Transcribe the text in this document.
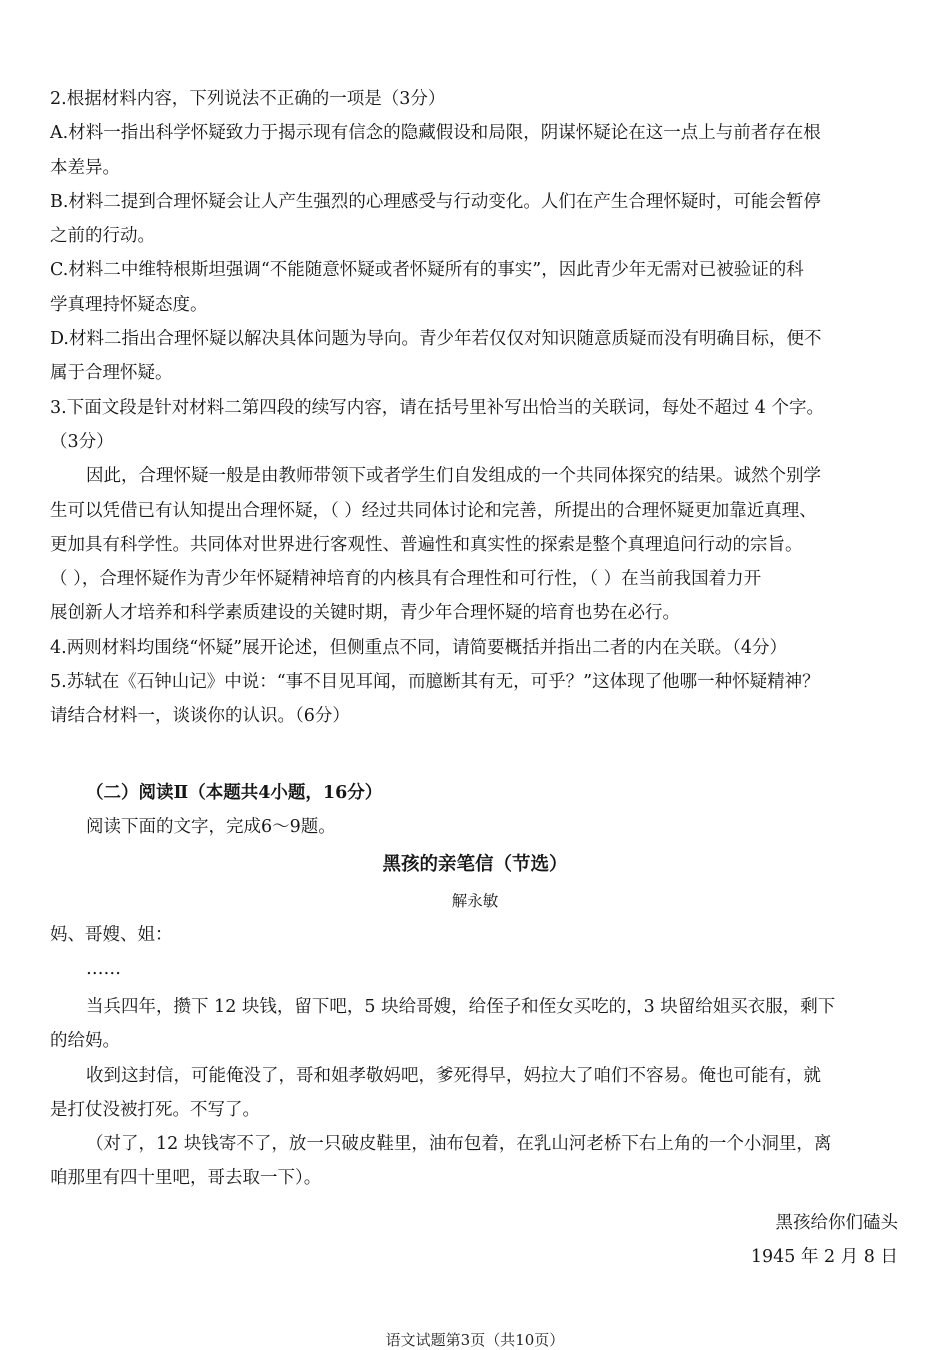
2.根据材料内容，下列说法不正确的一项是（3分）
A.材料一指出科学怀疑致力于揭示现有信念的隐藏假设和局限，阴谋怀疑论在这一点上与前者存在根
本差异。
B.材料二提到合理怀疑会让人产生强烈的心理感受与行动变化。人们在产生合理怀疑时，可能会暂停
之前的行动。
C.材料二中维特根斯坦强调“不能随意怀疑或者怀疑所有的事实”，因此青少年无需对已被验证的科
学真理持怀疑态度。
D.材料二指出合理怀疑以解决具体问题为导向。青少年若仅仅对知识随意质疑而没有明确目标，便不
属于合理怀疑。
3.下面文段是针对材料二第四段的续写内容，请在括号里补写出恰当的关联词，每处不超过 4 个字。
（3分）
因此，合理怀疑一般是由教师带领下或者学生们自发组成的一个共同体探究的结果。诚然个别学
生可以凭借已有认知提出合理怀疑，（ ）经过共同体讨论和完善，所提出的合理怀疑更加靠近真理、
更加具有科学性。共同体对世界进行客观性、普遍性和真实性的探索是整个真理追问行动的宗旨。
（ ），合理怀疑作为青少年怀疑精神培育的内核具有合理性和可行性，（ ）在当前我国着力开
展创新人才培养和科学素质建设的关键时期，青少年合理怀疑的培育也势在必行。
4.两则材料均围绕“怀疑”展开论述，但侧重点不同，请简要概括并指出二者的内在关联。（4分）
5.苏轼在《石钟山记》中说：“事不目见耳闻，而臆断其有无，可乎？”这体现了他哪一种怀疑精神？
请结合材料一，谈谈你的认识。（6分）
（二）阅读Ⅱ（本题共4小题，16分）
阅读下面的文字，完成6～9题。
黑孩的亲笔信（节选）
解永敏
妈、哥嫂、姐：
……
当兵四年，攒下 12 块钱，留下吧，5 块给哥嫂，给侄子和侄女买吃的，3 块留给姐买衣服，剩下
的给妈。
收到这封信，可能俺没了，哥和姐孝敬妈吧，爹死得早，妈拉大了咱们不容易。俺也可能有，就
是打仗没被打死。不写了。
（对了，12 块钱寄不了，放一只破皮鞋里，油布包着，在乳山河老桥下右上角的一个小洞里，离
咱那里有四十里吧，哥去取一下）。
黑孩给你们磕头
1945 年 2 月 8 日
语文试题第3页（共10页）
